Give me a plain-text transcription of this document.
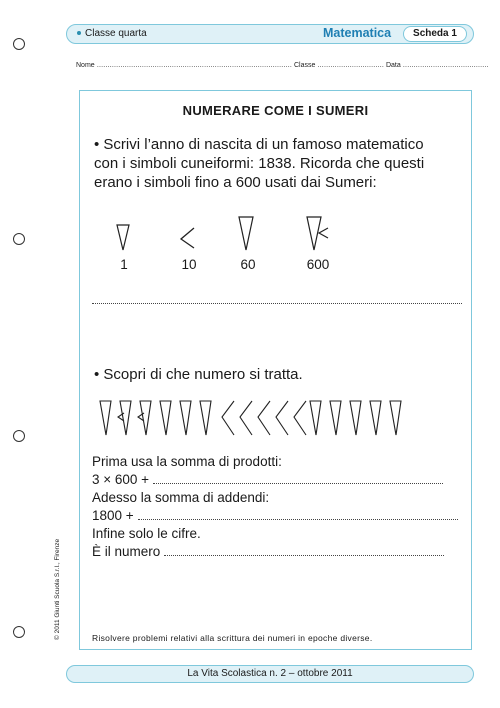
Classe quarta	Matematica	Scheda 1
Nome ........................................................................................... Classe ............................... Data ........................................
NUMERARE COME I SUMERI

• Scrivi l’anno di nascita di un famoso matematico

con i simboli cuneiformi: 1838. Ricorda che questi

erano i simboli fino a 600 usati dai Sumeri:

1	10	60	600
• Scopri di che numero si tratta.
Prima usa la somma di prodotti:
3 × 600 +
Adesso la somma di addendi:
1800 +
Infine solo le cifre.
È il numero
Risolvere problemi relativi alla scrittura dei numeri in epoche diverse.
© 2011 Giunti Scuola S.r.l., Firenze
La Vita Scolastica n. 2 – ottobre 2011
